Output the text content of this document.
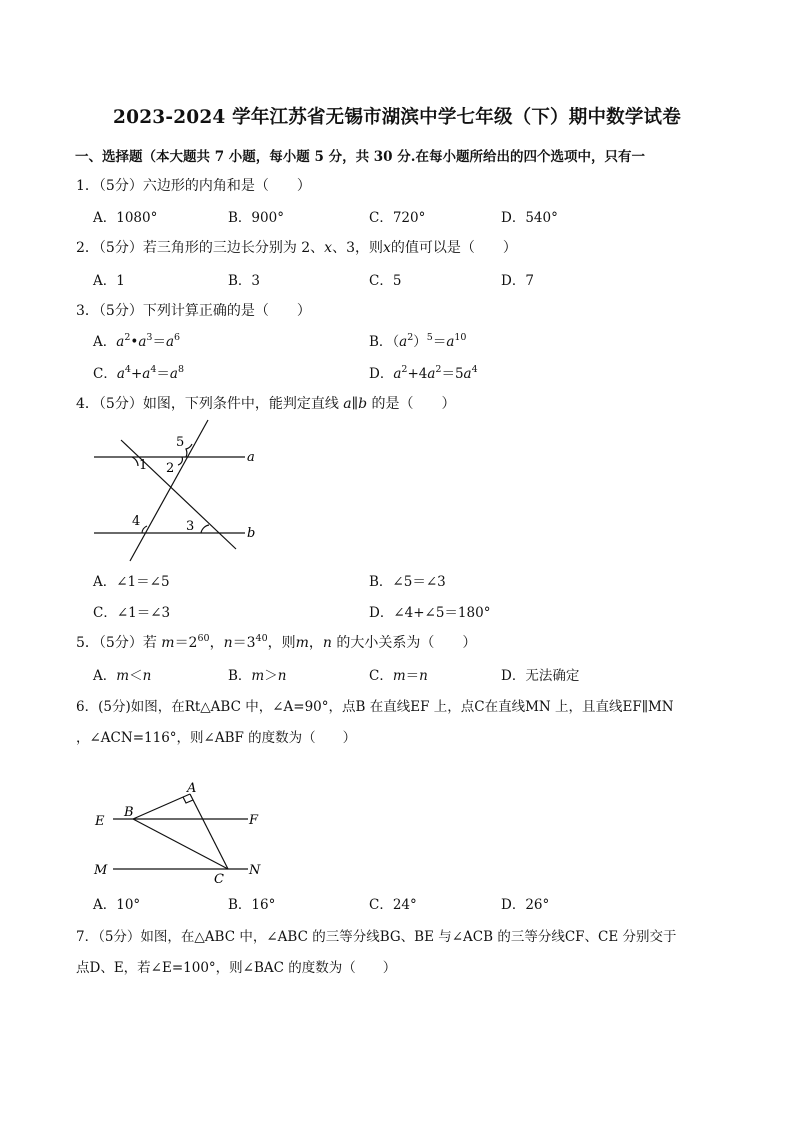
2023-2024 学年江苏省无锡市湖滨中学七年级（下）期中数学试卷
一、选择题（本大题共 7 小题，每小题 5 分，共 30 分.在每小题所给出的四个选项中，只有一
1．（5分）六边形的内角和是（　　）
A．1080°	B．900°	C．720°	D．540°
2．（5分）若三角形的三边长分别为 2、x、3，则x的值可以是（　　）
A．1	B．3	C．5	D．7
3．（5分）下列计算正确的是（　　）
A．$a^2•a^3=a^6$	B．$(a^2)^5=a^{10}$
C．$a^4+a^4=a^8$	D．$a^2+4a^2=5a^4$
4．（5分）如图，下列条件中，能判定直线 a∥b 的是（　　）
5
1 2
4	3
a
b
A．∠1＝∠5	B．∠5＝∠3
C．∠1＝∠3	D．∠4+∠5＝180°
5．（5分）若 $m=2^{60}$，$n=3^{40}$，则m，n 的大小关系为（　　）
A．m＜n	B．m＞n	C．m＝n	D．无法确定
6．(5分)如图，在Rt△ABC 中，∠A=90°，点B 在直线EF 上，点C在直线MN 上，且直线EF∥MN
，∠ACN=116°，则∠ABF 的度数为（　　）
A
B
E	F
M	N
C
A．10°	B．16°	C．24°	D．26°
7．（5分）如图，在△ABC 中，∠ABC 的三等分线BG、BE 与∠ACB 的三等分线CF、CE 分别交于
点D、E，若∠E=100°，则∠BAC 的度数为（　　）
